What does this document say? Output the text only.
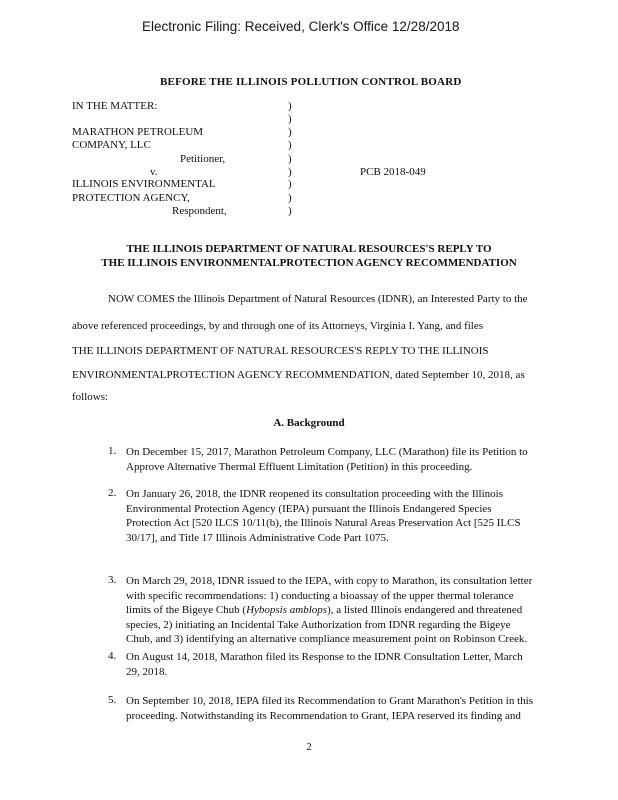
Electronic Filing: Received, Clerk's Office 12/28/2018
BEFORE THE ILLINOIS POLLUTION CONTROL BOARD
IN THE MATTER:
MARATHON PETROLEUM
COMPANY, LLC
Petitioner,
v.
ILLINOIS ENVIRONMENTAL
PROTECTION AGENCY,
Respondent,
PCB 2018-049
)
)
)
)
)
)
)
)
)
THE ILLINOIS DEPARTMENT OF NATURAL RESOURCES'S REPLY TO
THE ILLINOIS ENVIRONMENTALPROTECTION AGENCY RECOMMENDATION
NOW COMES the Illinois Department of Natural Resources (IDNR), an Interested Party to the
above referenced proceedings, by and through one of its Attorneys, Virginia I. Yang, and files
THE ILLINOIS DEPARTMENT OF NATURAL RESOURCES'S REPLY TO THE ILLINOIS
ENVIRONMENTALPROTECTION AGENCY RECOMMENDATION, dated September 10, 2018, as
follows:
A. Background
1. On December 15, 2017, Marathon Petroleum Company, LLC (Marathon) file its Petition to Approve Alternative Thermal Effluent Limitation (Petition) in this proceeding.
2. On January 26, 2018, the IDNR reopened its consultation proceeding with the Illinois Environmental Protection Agency (IEPA) pursuant the Illinois Endangered Species Protection Act [520 ILCS 10/11(b), the Illinois Natural Areas Preservation Act [525 ILCS 30/17], and Title 17 Illinois Administrative Code Part 1075.
3. On March 29, 2018, IDNR issued to the IEPA, with copy to Marathon, its consultation letter with specific recommendations: 1) conducting a bioassay of the upper thermal tolerance limits of the Bigeye Chub (Hybopsis amblops), a listed Illinois endangered and threatened species, 2) initiating an Incidental Take Authorization from IDNR regarding the Bigeye Chub, and 3) identifying an alternative compliance measurement point on Robinson Creek.
4. On August 14, 2018, Marathon filed its Response to the IDNR Consultation Letter, March 29, 2018.
5. On September 10, 2018, IEPA filed its Recommendation to Grant Marathon's Petition in this proceeding. Notwithstanding its Recommendation to Grant, IEPA reserved its finding and
2
